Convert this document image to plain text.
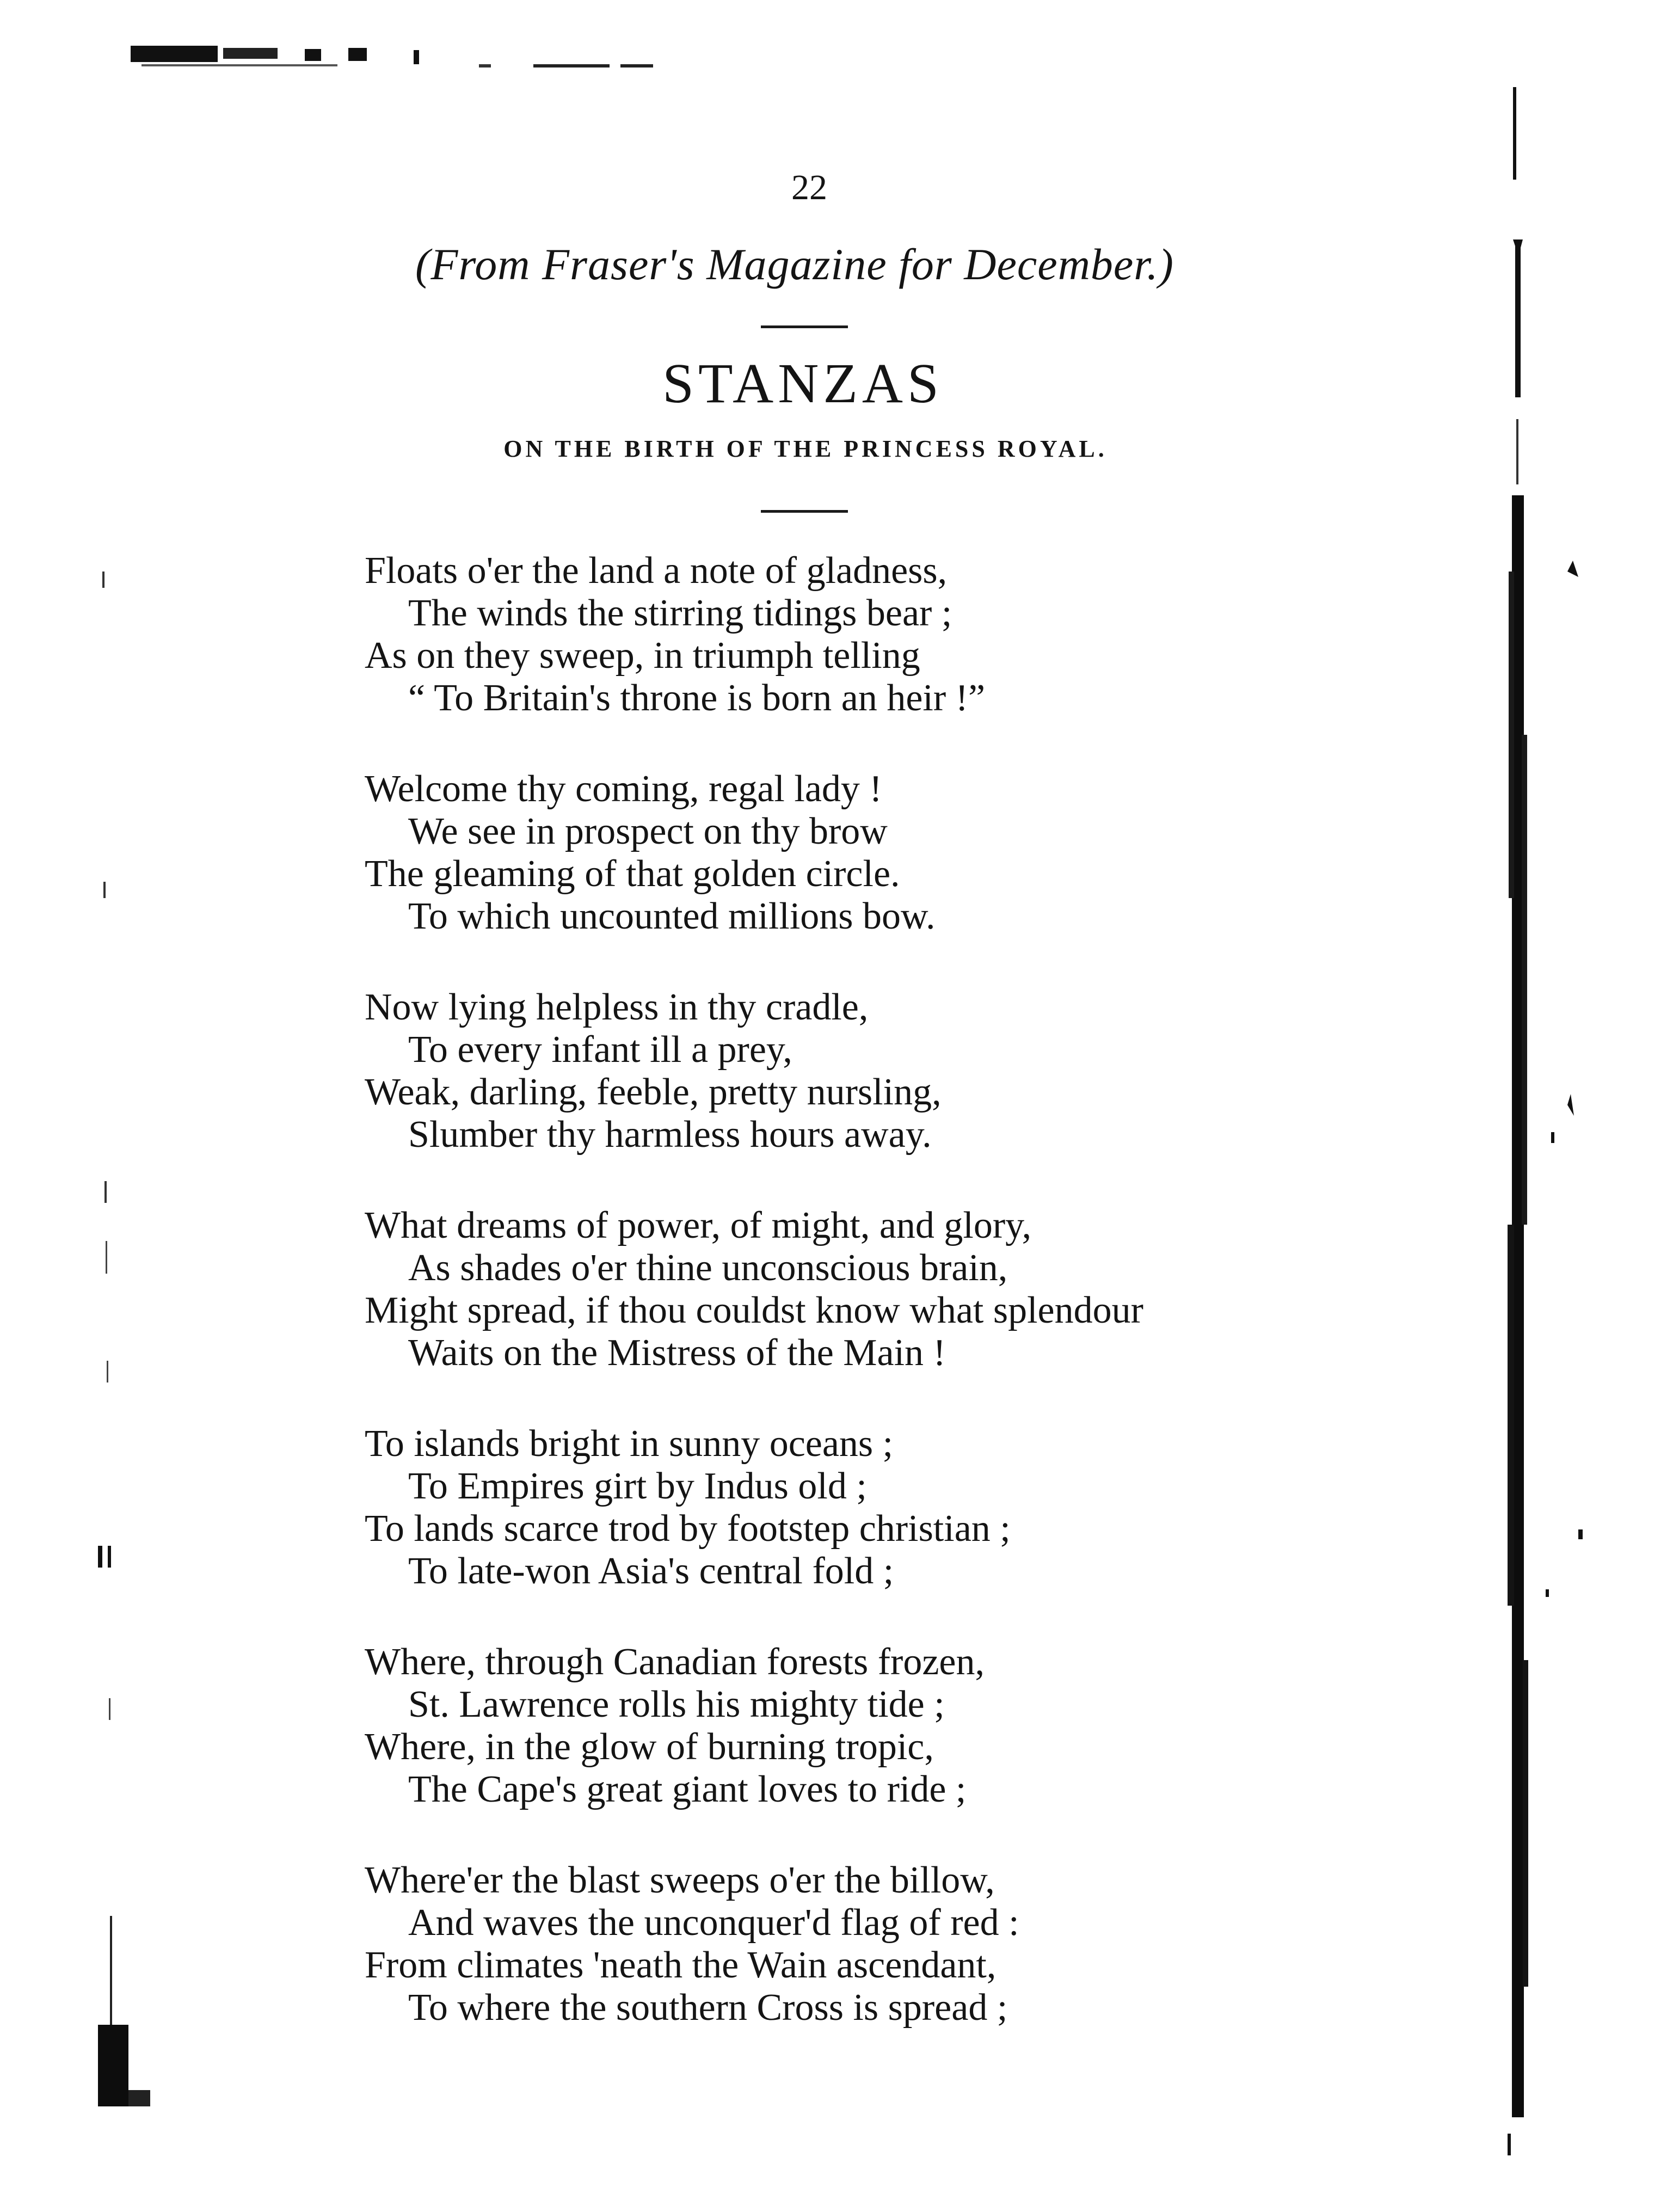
22
(From Fraser's Magazine for December.)
STANZAS
ON THE BIRTH OF THE PRINCESS ROYAL.
Floats o'er the land a note of gladness,
The winds the stirring tidings bear ;
As on they sweep, in triumph telling
“ To Britain's throne is born an heir !”
Welcome thy coming, regal lady !
We see in prospect on thy brow
The gleaming of that golden circle.
To which uncounted millions bow.
Now lying helpless in thy cradle,
To every infant ill a prey,
Weak, darling, feeble, pretty nursling,
Slumber thy harmless hours away.
What dreams of power, of might, and glory,
As shades o'er thine unconscious brain,
Might spread, if thou couldst know what splendour
Waits on the Mistress of the Main !
To islands bright in sunny oceans ;
To Empires girt by Indus old ;
To lands scarce trod by footstep christian ;
To late-won Asia's central fold ;
Where, through Canadian forests frozen,
St. Lawrence rolls his mighty tide ;
Where, in the glow of burning tropic,
The Cape's great giant loves to ride ;
Where'er the blast sweeps o'er the billow,
And waves the unconquer'd flag of red :
From climates 'neath the Wain ascendant,
To where the southern Cross is spread ;
